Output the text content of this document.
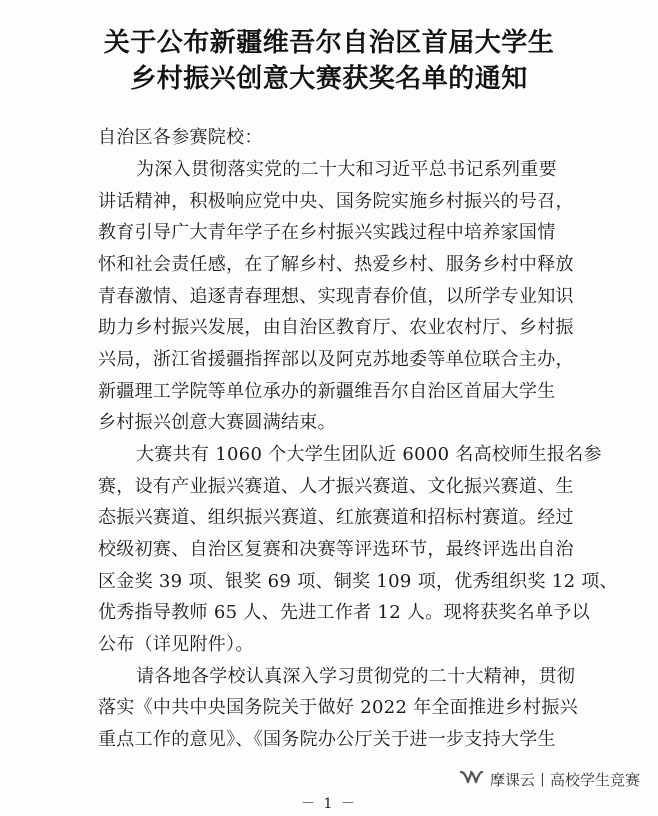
关于公布新疆维吾尔自治区首届大学生
乡村振兴创意大赛获奖名单的通知
自治区各参赛院校：
为深入贯彻落实党的二十大和习近平总书记系列重要
讲话精神，积极响应党中央、国务院实施乡村振兴的号召，
教育引导广大青年学子在乡村振兴实践过程中培养家国情
怀和社会责任感，在了解乡村、热爱乡村、服务乡村中释放
青春激情、追逐青春理想、实现青春价值，以所学专业知识
助力乡村振兴发展，由自治区教育厅、农业农村厅、乡村振
兴局，浙江省援疆指挥部以及阿克苏地委等单位联合主办，
新疆理工学院等单位承办的新疆维吾尔自治区首届大学生
乡村振兴创意大赛圆满结束。
大赛共有 1060 个大学生团队近 6000 名高校师生报名参
赛，设有产业振兴赛道、人才振兴赛道、文化振兴赛道、生
态振兴赛道、组织振兴赛道、红旅赛道和招标村赛道。经过
校级初赛、自治区复赛和决赛等评选环节，最终评选出自治
区金奖 39 项、银奖 69 项、铜奖 109 项，优秀组织奖 12 项、
优秀指导教师 65 人、先进工作者 12 人。现将获奖名单予以
公布（详见附件）。
请各地各学校认真深入学习贯彻党的二十大精神，贯彻
落实《中共中央国务院关于做好 2022 年全面推进乡村振兴
重点工作的意见》、《国务院办公厅关于进一步支持大学生
摩课云丨高校学生竞赛
－ 1 －
